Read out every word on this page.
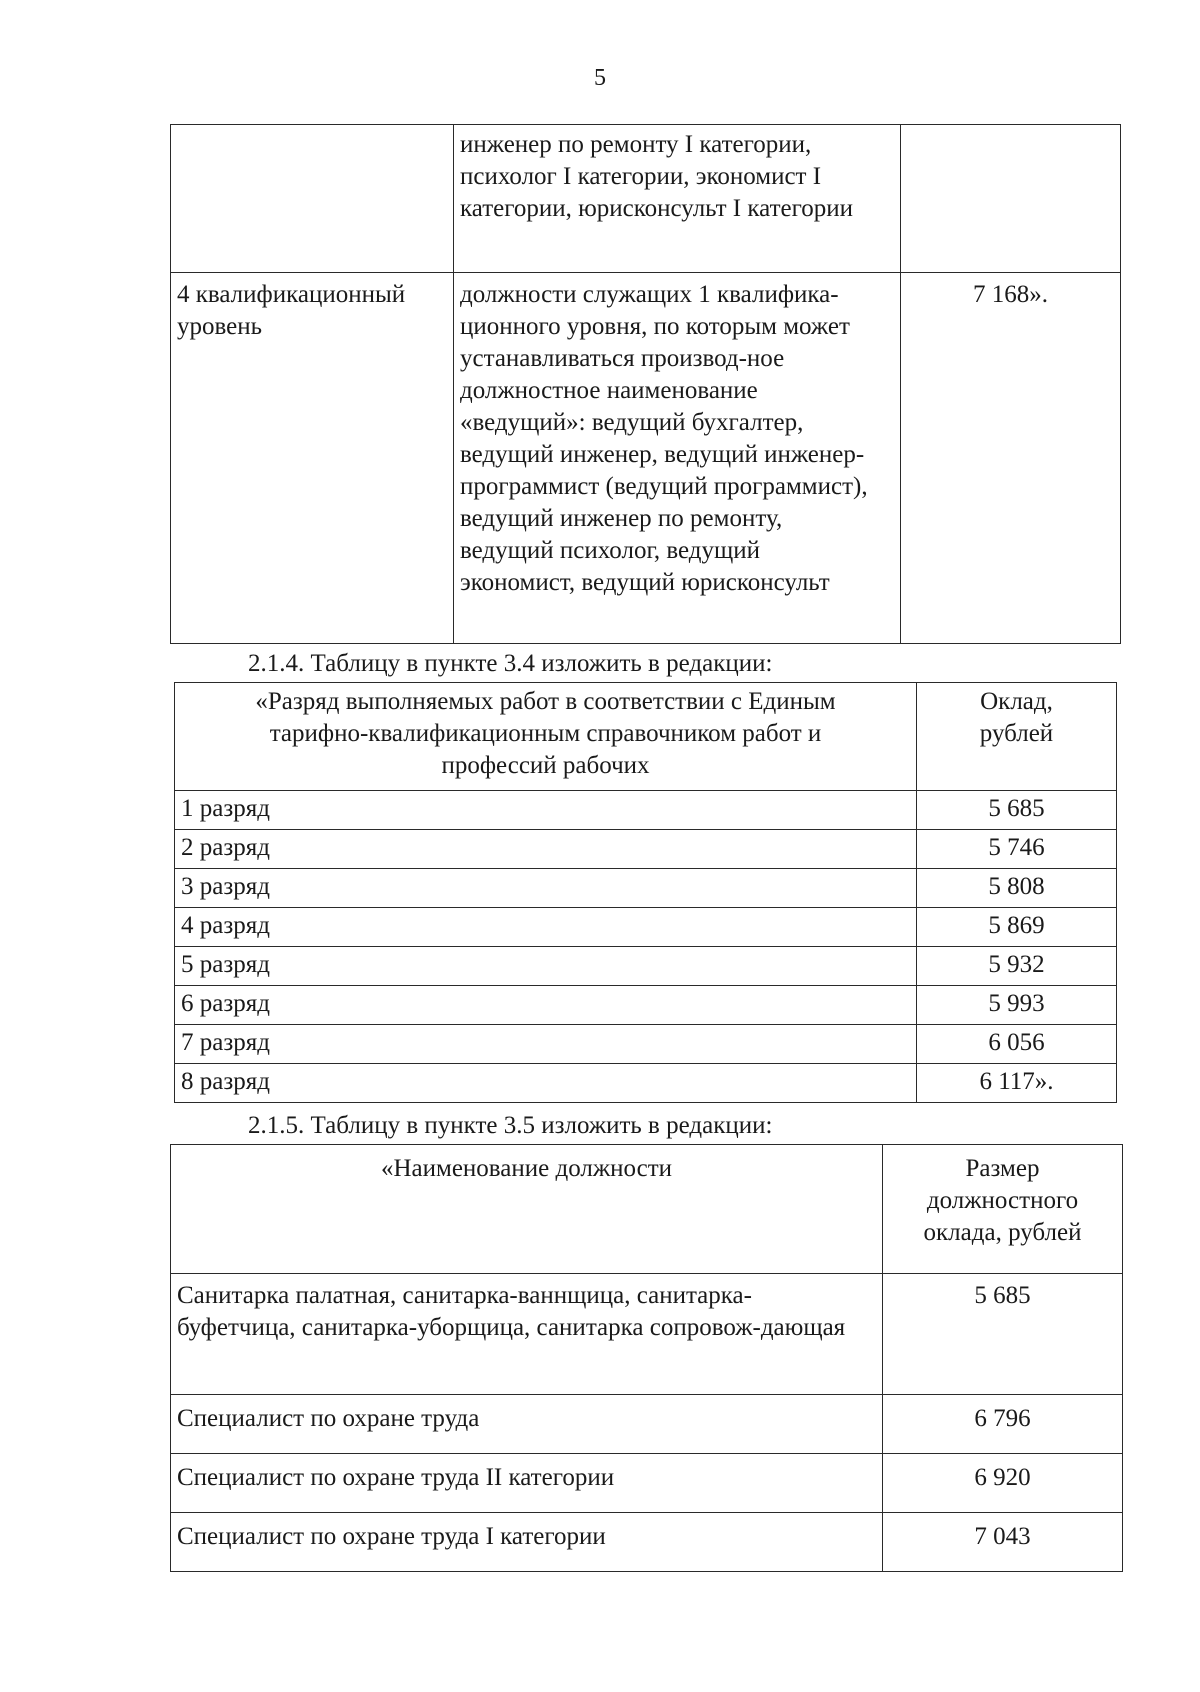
5

	инженер по ремонту I категории, психолог I категории, экономист I категории, юрисконсульт I категории	

4 квалификационный уровень	должности служащих 1 квалифика-ционного уровня, по которым может устанавливаться производ-ное должностное наименование «ведущий»: ведущий бухгалтер, ведущий инженер, ведущий инженер-программист (ведущий программист), ведущий инженер по ремонту, ведущий психолог, ведущий экономист, ведущий юрисконсульт	7 168».
2.1.4. Таблицу в пункте 3.4 изложить в редакции:
«Разряд выполняемых работ в соответствии с Единым тарифно-квалификационным справочником работ и профессий рабочих	Оклад, рублей

1 разряд	5 685

2 разряд	5 746

3 разряд	5 808

4 разряд	5 869

5 разряд	5 932

6 разряд	5 993

7 разряд	6 056

8 разряд	6 117».
2.1.5. Таблицу в пункте 3.5 изложить в редакции:
«Наименование должности	Размер должностного оклада, рублей

Санитарка палатная, санитарка-ваннщица, санитарка-буфетчица, санитарка-уборщица, санитарка сопровож-дающая	5 685

Специалист по охране труда	6 796

Специалист по охране труда II категории	6 920

Специалист по охране труда I категории	7 043
